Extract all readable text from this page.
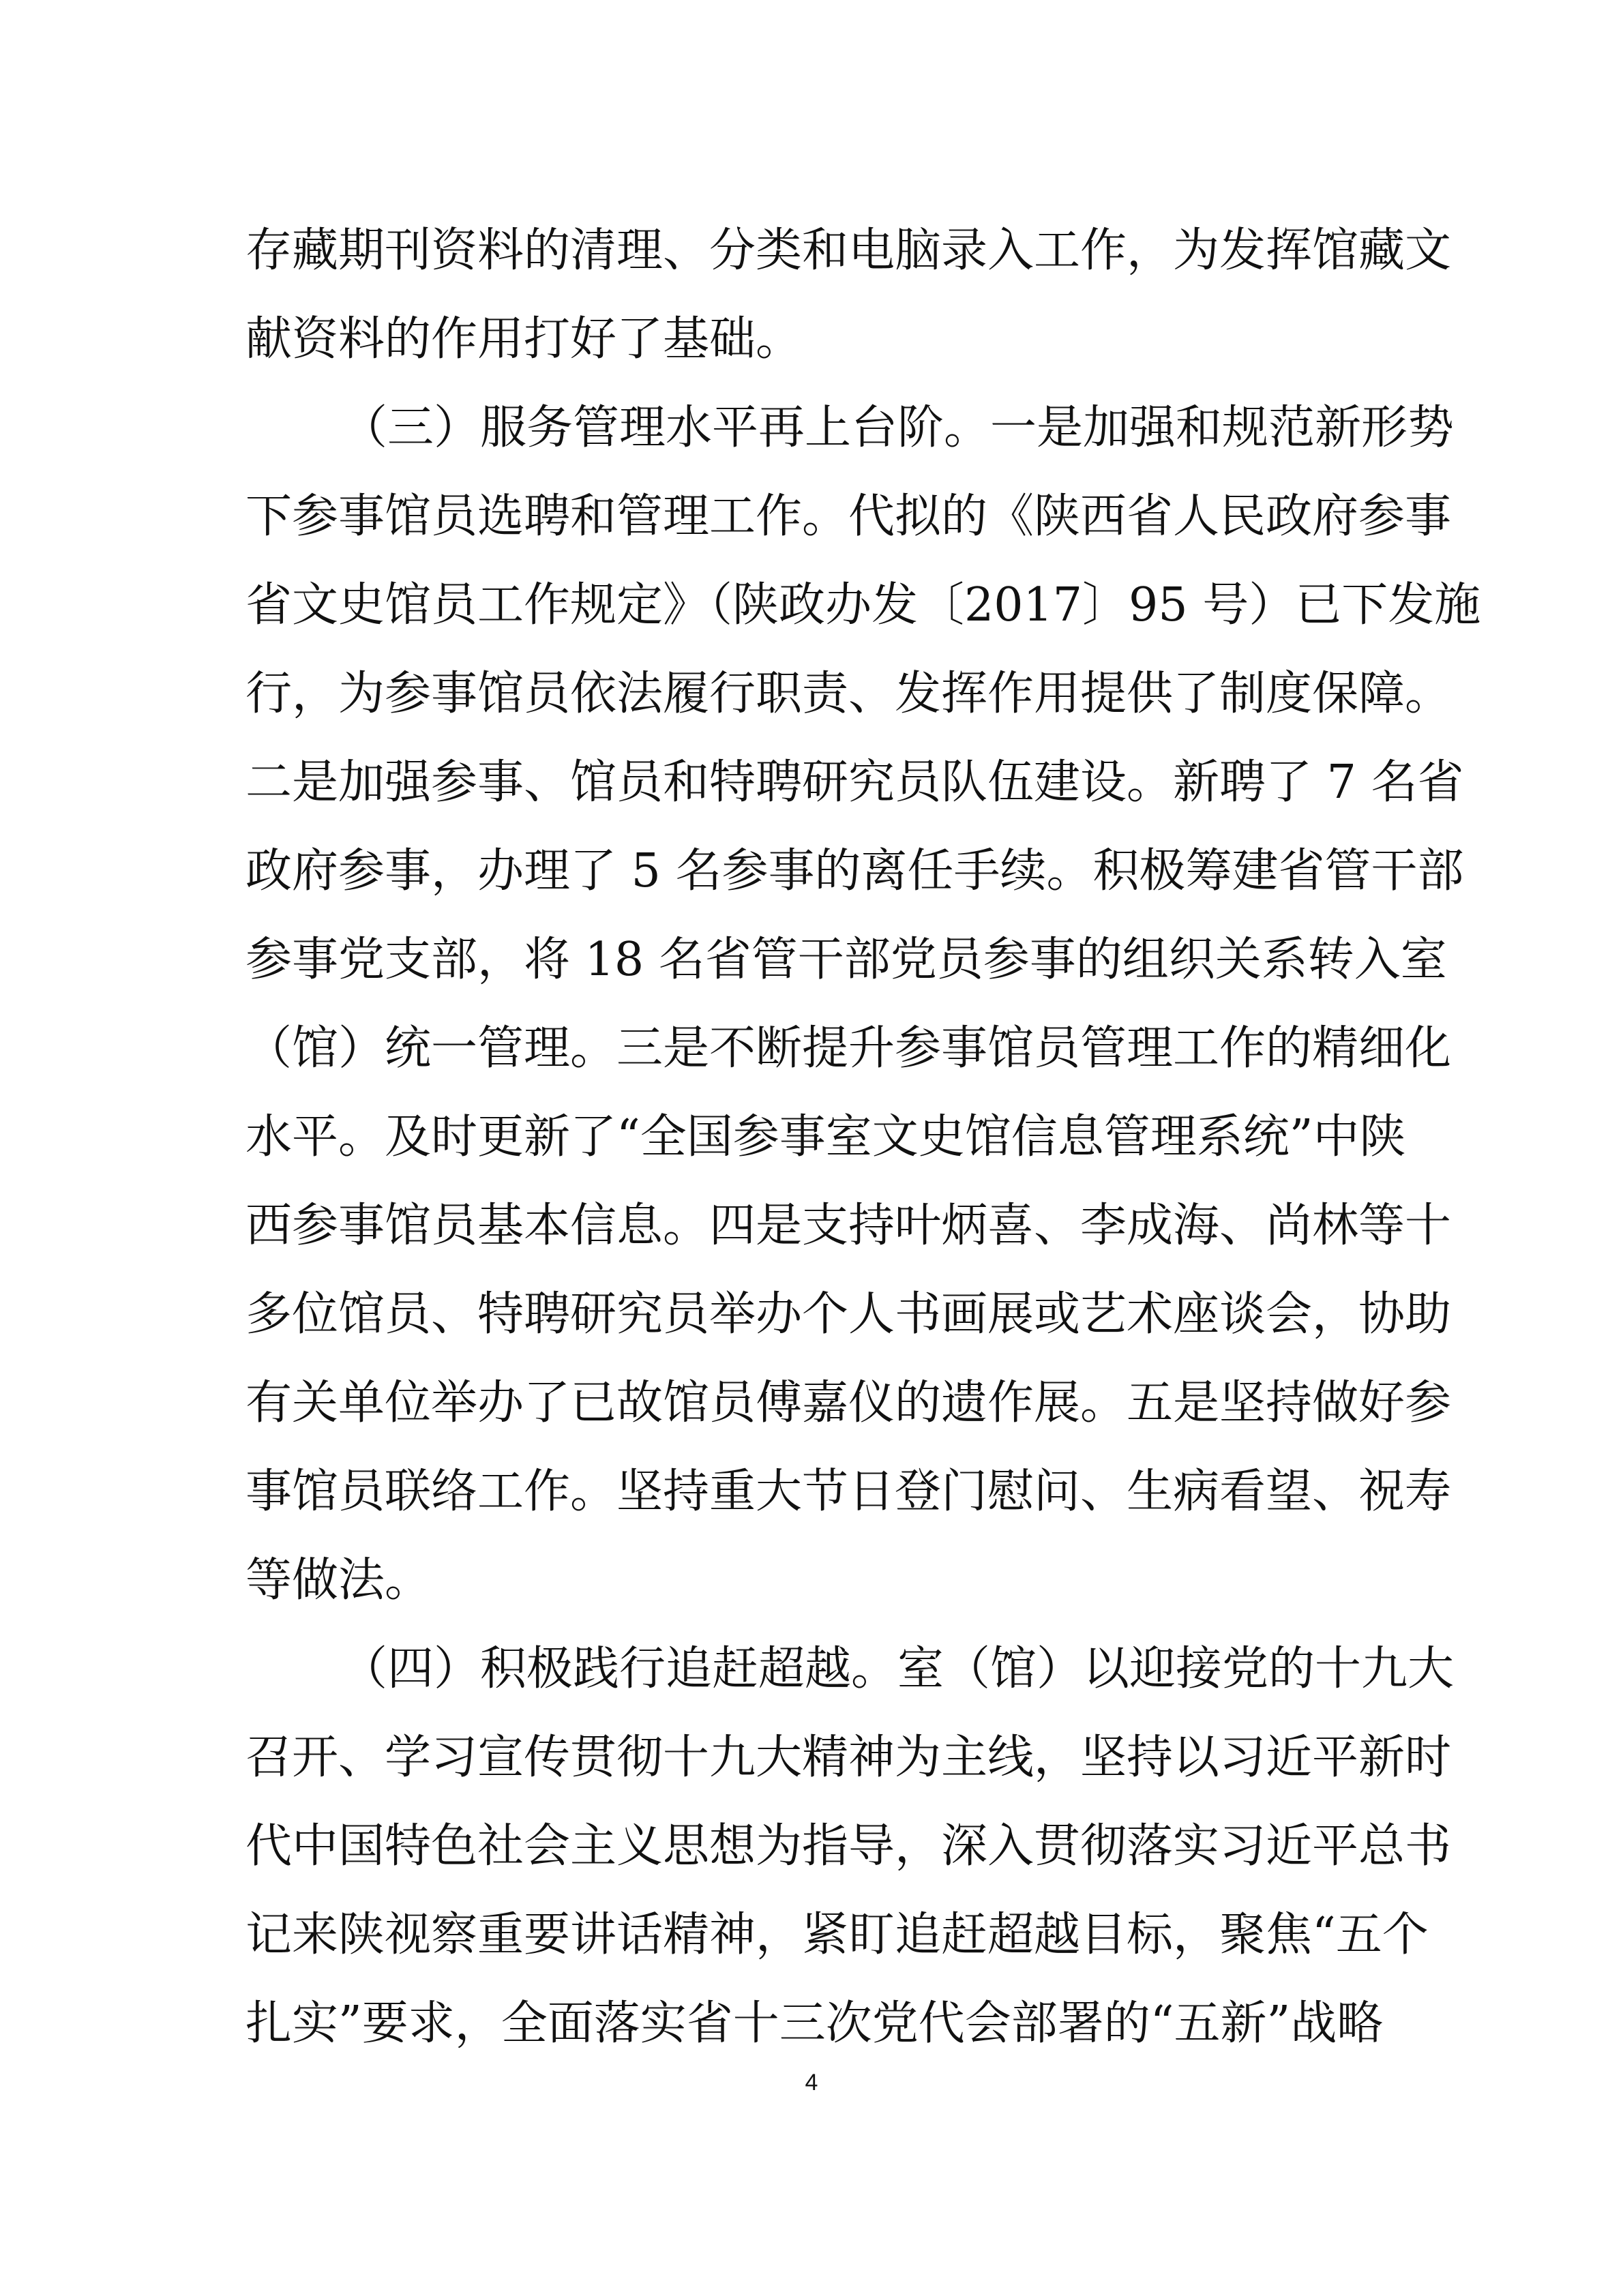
存藏期刊资料的清理、分类和电脑录入工作，为发挥馆藏文
献资料的作用打好了基础。
（三）服务管理水平再上台阶。一是加强和规范新形势
下参事馆员选聘和管理工作。代拟的《陕西省人民政府参事
省文史馆员工作规定》（陕政办发〔2017〕95 号）已下发施
行，为参事馆员依法履行职责、发挥作用提供了制度保障。
二是加强参事、馆员和特聘研究员队伍建设。新聘了 7 名省
政府参事，办理了 5 名参事的离任手续。积极筹建省管干部
参事党支部，将 18 名省管干部党员参事的组织关系转入室
（馆）统一管理。三是不断提升参事馆员管理工作的精细化
水平。及时更新了“全国参事室文史馆信息管理系统”中陕
西参事馆员基本信息。四是支持叶炳喜、李成海、尚林等十
多位馆员、特聘研究员举办个人书画展或艺术座谈会，协助
有关单位举办了已故馆员傅嘉仪的遗作展。五是坚持做好参
事馆员联络工作。坚持重大节日登门慰问、生病看望、祝寿
等做法。
（四）积极践行追赶超越。室（馆）以迎接党的十九大
召开、学习宣传贯彻十九大精神为主线，坚持以习近平新时
代中国特色社会主义思想为指导，深入贯彻落实习近平总书
记来陕视察重要讲话精神，紧盯追赶超越目标，聚焦“五个
扎实”要求，全面落实省十三次党代会部署的“五新”战略
4
